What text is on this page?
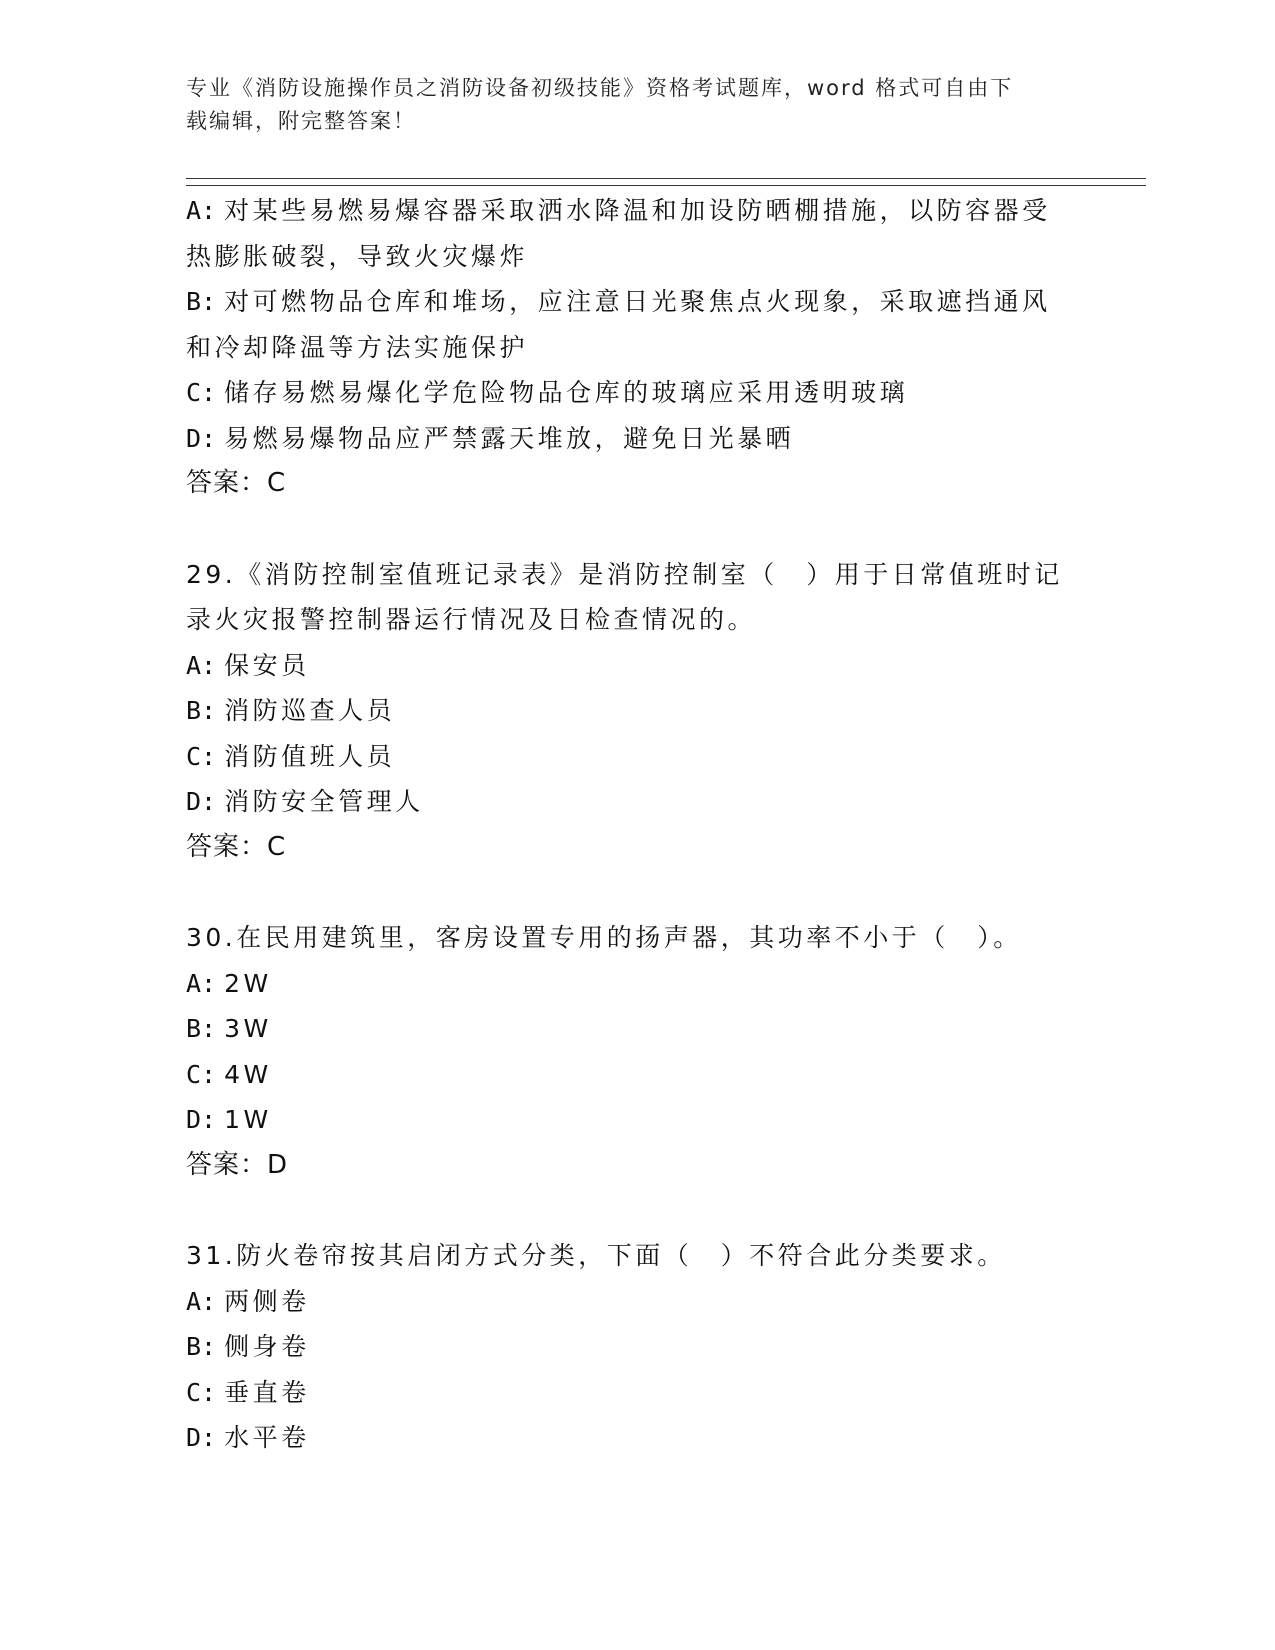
专业《消防设施操作员之消防设备初级技能》资格考试题库，word 格式可自由下
载编辑，附完整答案！
A: 对某些易燃易爆容器采取洒水降温和加设防晒棚措施，以防容器受
热膨胀破裂，导致火灾爆炸
B: 对可燃物品仓库和堆场，应注意日光聚焦点火现象，采取遮挡通风
和冷却降温等方法实施保护
C: 储存易燃易爆化学危险物品仓库的玻璃应采用透明玻璃
D: 易燃易爆物品应严禁露天堆放，避免日光暴晒
答案：C
29.《消防控制室值班记录表》是消防控制室（　）用于日常值班时记
录火灾报警控制器运行情况及日检查情况的。
A: 保安员
B: 消防巡查人员
C: 消防值班人员
D: 消防安全管理人
答案：C
30.在民用建筑里，客房设置专用的扬声器，其功率不小于（　）。
A: 2W
B: 3W
C: 4W
D: 1W
答案：D
31.防火卷帘按其启闭方式分类，下面（　）不符合此分类要求。
A: 两侧卷
B: 侧身卷
C: 垂直卷
D: 水平卷
